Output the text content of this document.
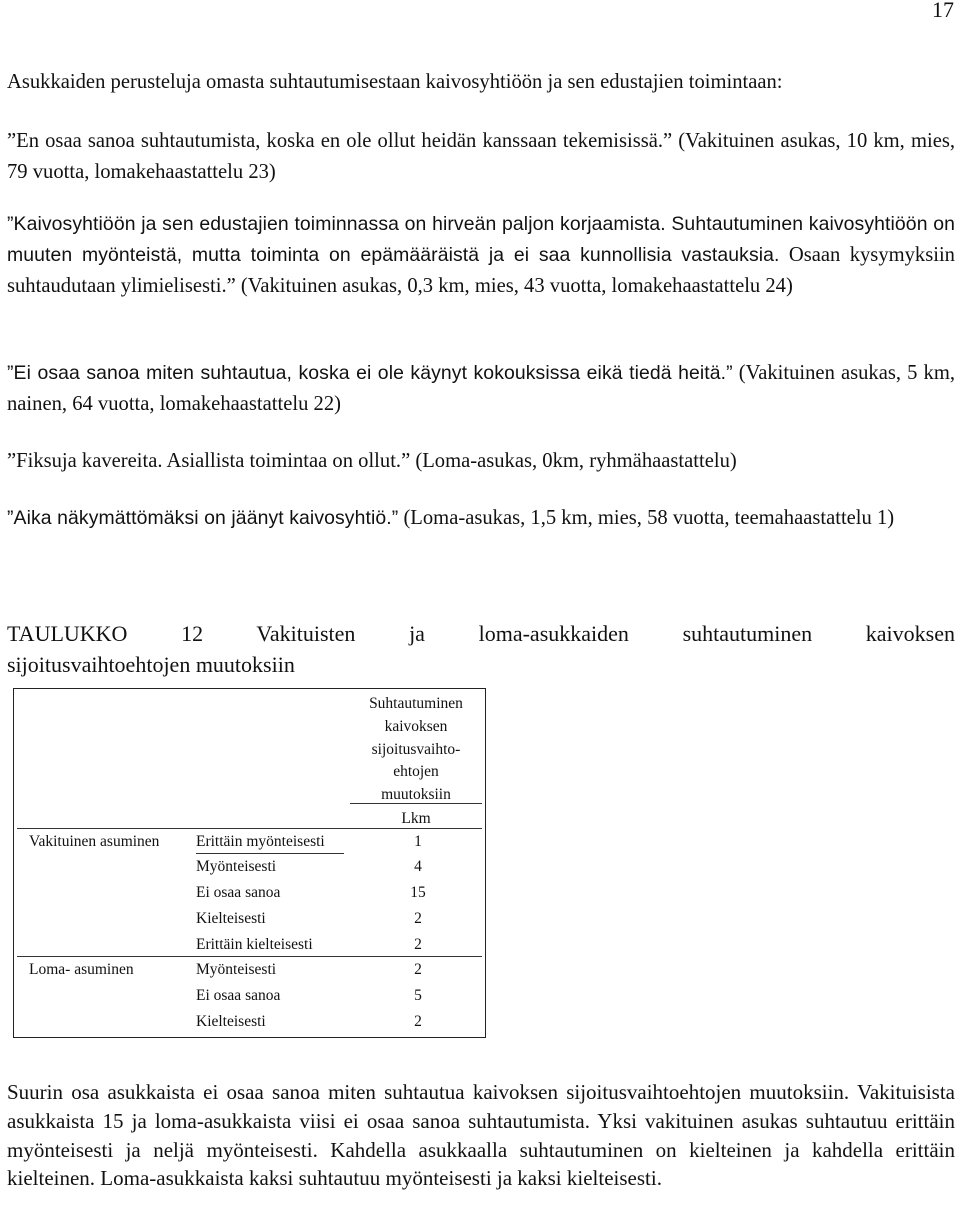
17

Asukkaiden perusteluja omasta suhtautumisestaan kaivosyhtiöön ja sen edustajien toimintaan:

”En osaa sanoa suhtautumista, koska en ole ollut heidän kanssaan tekemisissä.” (Vakituinen asukas, 10 km, mies, 79 vuotta, lomakehaastattelu 23)

”Kaivosyhtiöön ja sen edustajien toiminnassa on hirveän paljon korjaamista. Suhtautuminen kaivosyhtiöön on muuten myönteistä, mutta toiminta on epämääräistä ja ei saa kunnollisia vastauksia. Osaan kysymyksiin suhtaudutaan ylimielisesti.” (Vakituinen asukas, 0,3 km, mies, 43 vuotta, lomakehaastattelu 24)

”Ei osaa sanoa miten suhtautua, koska ei ole käynyt kokouksissa eikä tiedä heitä.” (Vakituinen asukas, 5 km, nainen, 64 vuotta, lomakehaastattelu 22)

”Fiksuja kavereita. Asiallista toimintaa on ollut.” (Loma-asukas, 0km, ryhmähaastattelu)

”Aika näkymättömäksi on jäänyt kaivosyhtiö.” (Loma-asukas, 1,5 km, mies, 58 vuotta, teemahaastattelu 1)

TAULUKKO 12 Vakituisten ja loma-asukkaiden suhtautuminen kaivoksen
sijoitusvaihtoehtojen muutoksiin
Suhtautuminen
kaivoksen
sijoitusvaihto-
ehtojen
muutoksiin
Lkm
Vakituinen asuminen Erittäin myönteisesti	1
Myönteisesti	4
Ei osaa sanoa	15
Kielteisesti	2
Erittäin kielteisesti	2
Loma- asuminen	Myönteisesti	2
Ei osaa sanoa	5
Kielteisesti	2

Suurin osa asukkaista ei osaa sanoa miten suhtautua kaivoksen sijoitusvaihtoehtojen muutoksiin. Vakituisista asukkaista 15 ja loma-asukkaista viisi ei osaa sanoa suhtautumista. Yksi vakituinen asukas suhtautuu erittäin myönteisesti ja neljä myönteisesti. Kahdella asukkaalla suhtautuminen on kielteinen ja kahdella erittäin kielteinen. Loma-asukkaista kaksi suhtautuu myönteisesti ja kaksi kielteisesti.
